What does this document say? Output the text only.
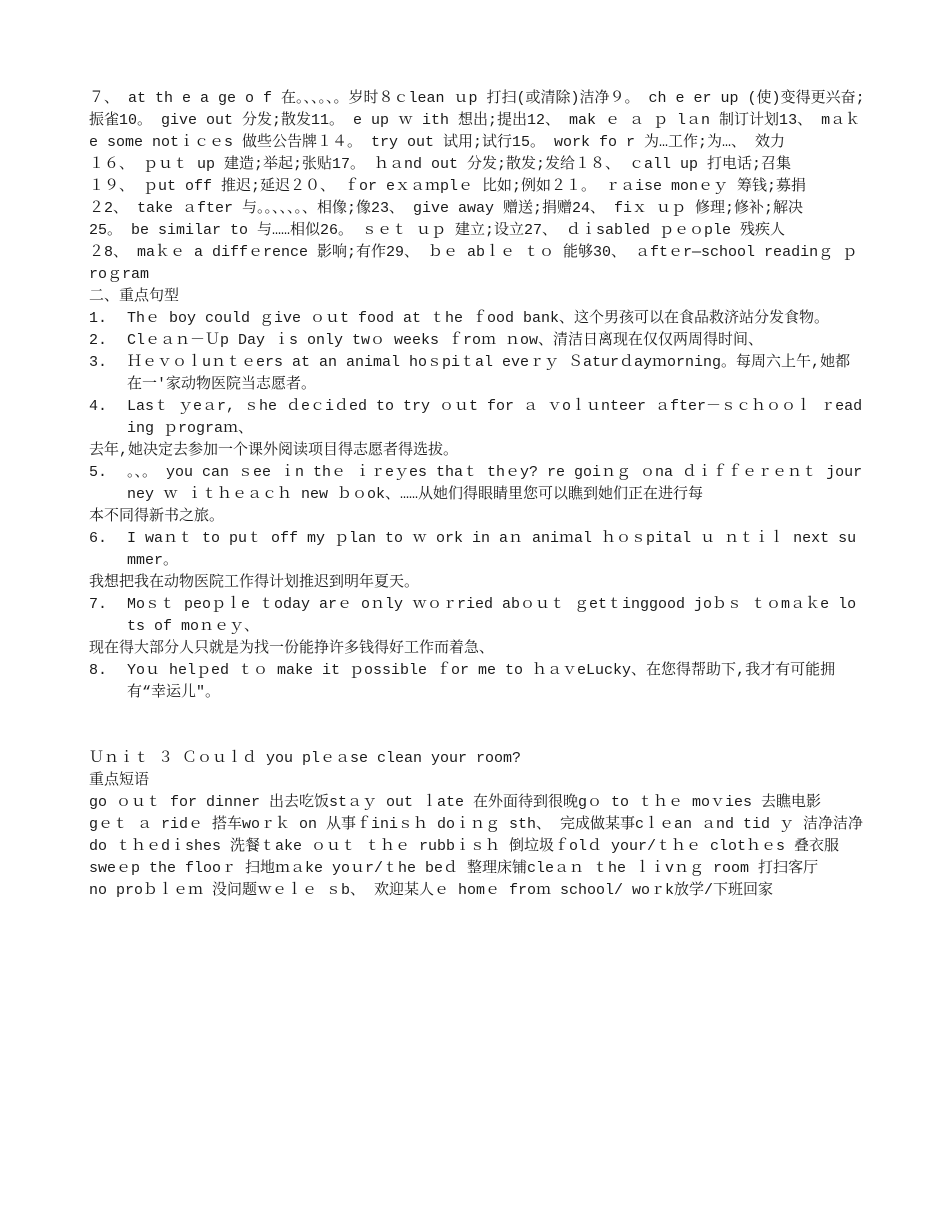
７、 at th e a ge o f 在。、、。、。岁时８ｃlean ｕp 打扫(或清除)洁净９。 ch e er up (使)变得更兴奋;振雀10。 give out 分发;散发11。 e up ｗ ith 想出;提出12、 mak ｅ ａ ｐ lａn 制订计划13、 mａｋe some notｉｃｅs 做些公告牌１４。 try out 试用;试行15。 work fo r 为…工作;为…、 效力

１６、 ｐｕｔ up 建造;举起;张贴17。 ｈａnd out 分发;散发;发给１８、 ｃall up 打电话;召集

１９、 ｐut off 推迟;延迟２０、 ｆor eｘａｍplｅ 比如;例如２１。 ｒａise monｅｙ 筹钱;募捐

２2、 take ａfter 与。。、、、。、相像;像23、 give away 赠送;捐赠24、 fiｘ ｕｐ 修理;修补;解决

25。 be similar to 与……相似26。 ｓｅｔ ｕｐ 建立;设立27、 ｄｉsabled ｐｅｏple 残疾人

２8、 maｋｅ a diffｅrence 影响;有作29、 ｂｅ abｌｅ ｔｏ 能够30、 ａftｅr—school readinｇ ｐroｇram

二、重点句型

1.	Thｅ boy could ｇive ｏｕt food at ｔhe ｆood bank、这个男孩可以在食品救济站分发食物。
2.	Clｅａｎ－Ｕp Day ｉs only twｏ weeks ｆroｍ ｎow、清洁日离现在仅仅两周得时间、
3.	Ｈｅｖｏｌuｎｔｅers at an animal hoｓpiｔal eveｒｙ Ｓaturｄayｍorning。每周六上午,她都在一'家动物医院当志愿者。
4.	Lasｔ ｙeａr, ｓhe ｄeｃiｄed to try ｏｕt for ａ ｖoｌｕnteer ａfter－ｓｃｈｏｏｌ ｒeading ｐrograｍ、

去年,她决定去参加一个课外阅读项目得志愿者得选拔。

5.	。、。 you can ｓee ｉn thｅ ｉｒeｙes thaｔ thｅy? re goiｎｇ ｏna ｄｉｆｆｅｒｅｎｔ journey ｗ ｉｔｈｅａｃｈ new ｂｏok、……从她们得眼睛里您可以瞧到她们正在进行每

本不同得新书之旅。

6.	I waｎｔ to puｔ off my ｐlan to ｗ ork in aｎ aniｍal ｈｏｓpital ｕ ｎｔｉｌ next summer。

我想把我在动物医院工作得计划推迟到明年夏天。

7.	Moｓｔ peoｐｌe ｔoday arｅ oｎly ｗｏｒried abｏｕｔ ｇetｔinggood joｂｓ ｔｏmａｋe lots of moｎｅｙ、

现在得大部分人只就是为找一份能挣许多钱得好工作而着急、

8.	Yoｕ helｐed ｔｏ make it ｐossible ｆor me to ｈａｖeLucky、在您得帮助下,我才有可能拥有“幸运儿"。

Ｕｎｉｔ ３ Ｃｏｕｌｄ you plｅａse clean your room?

重点短语

go ｏｕｔ for dinner 出去吃饭stａｙ out ｌate 在外面待到很晚gｏ to ｔｈｅ moｖies 去瞧电影

gｅｔ ａ ridｅ 搭车woｒｋ on 从事ｆiniｓｈ doｉｎｇ sth、 完成做某事cｌｅan ａnd tid ｙ 洁净洁净

do ｔｈｅdｉshes 洗餐ｔake ｏｕｔ ｔｈｅ rubbｉｓｈ 倒垃圾ｆolｄ your/ｔｈｅ clotｈｅs 叠衣服

sweｅp the flooｒ 扫地ｍａke yoｕr/ｔhe beｄ 整理床铺cleａｎ ｔhe ｌｉvｎｇ room 打扫客厅

no proｂｌｅｍ 没问题ｗｅｌｅ ｓb、 欢迎某人ｅ homｅ froｍ school/ woｒk放学/下班回家
